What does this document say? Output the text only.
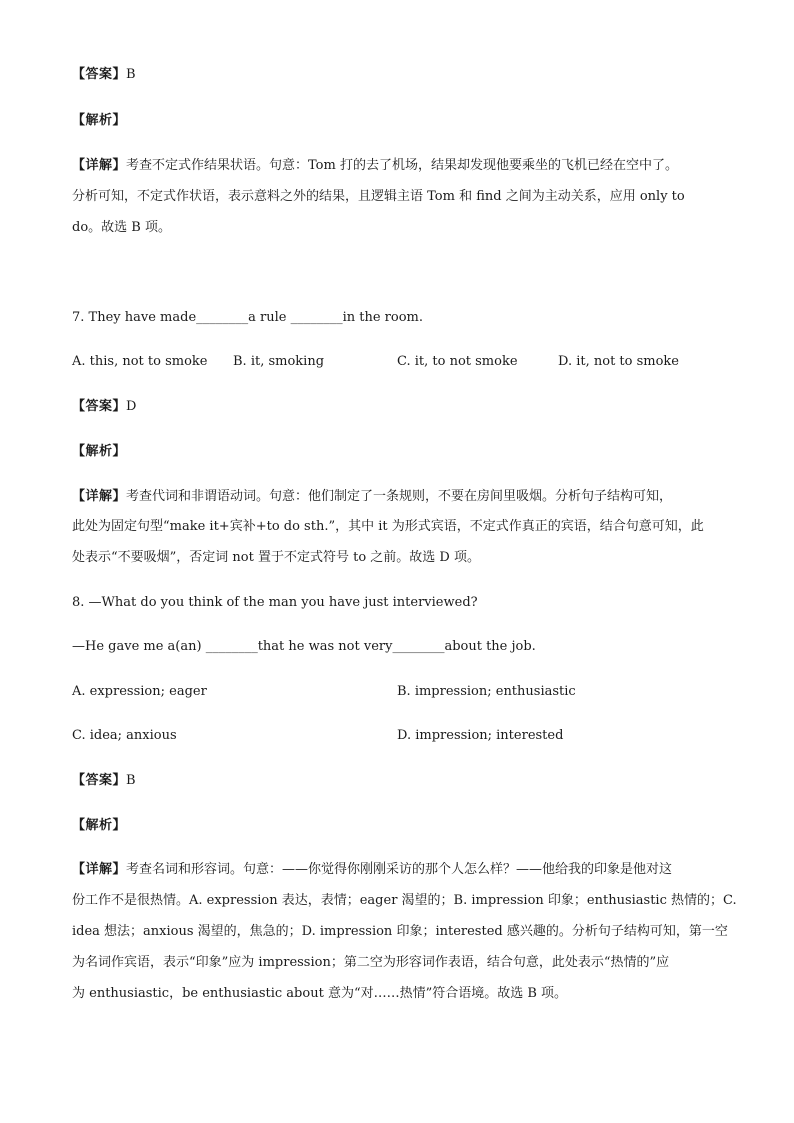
【答案】B
【解析】
【详解】考查不定式作结果状语。句意：Tom 打的去了机场，结果却发现他要乘坐的飞机已经在空中了。
分析可知，不定式作状语，表示意料之外的结果，且逻辑主语 Tom 和 find 之间为主动关系，应用 only to
do。故选 B 项。
7. They have made________a rule ________in the room.
A. this, not to smoke B. it, smoking	C. it, to not smoke	D. it, not to smoke
【答案】D
【解析】
【详解】考查代词和非谓语动词。句意：他们制定了一条规则，不要在房间里吸烟。分析句子结构可知，
此处为固定句型“make it+宾补+to do sth.”，其中 it 为形式宾语，不定式作真正的宾语，结合句意可知，此
处表示“不要吸烟”，否定词 not 置于不定式符号 to 之前。故选 D 项。
8. —What do you think of the man you have just interviewed?
—He gave me a(an) ________that he was not very________about the job.
A. expression; eager	B. impression; enthusiastic
C. idea; anxious	D. impression; interested
【答案】B
【解析】
【详解】考查名词和形容词。句意：——你觉得你刚刚采访的那个人怎么样？——他给我的印象是他对这
份工作不是很热情。A. expression 表达，表情；eager 渴望的；B. impression 印象；enthusiastic 热情的；C.
idea 想法；anxious 渴望的，焦急的；D. impression 印象；interested 感兴趣的。分析句子结构可知，第一空
为名词作宾语，表示“印象”应为 impression；第二空为形容词作表语，结合句意，此处表示“热情的”应
为 enthusiastic，be enthusiastic about 意为“对……热情”符合语境。故选 B 项。
